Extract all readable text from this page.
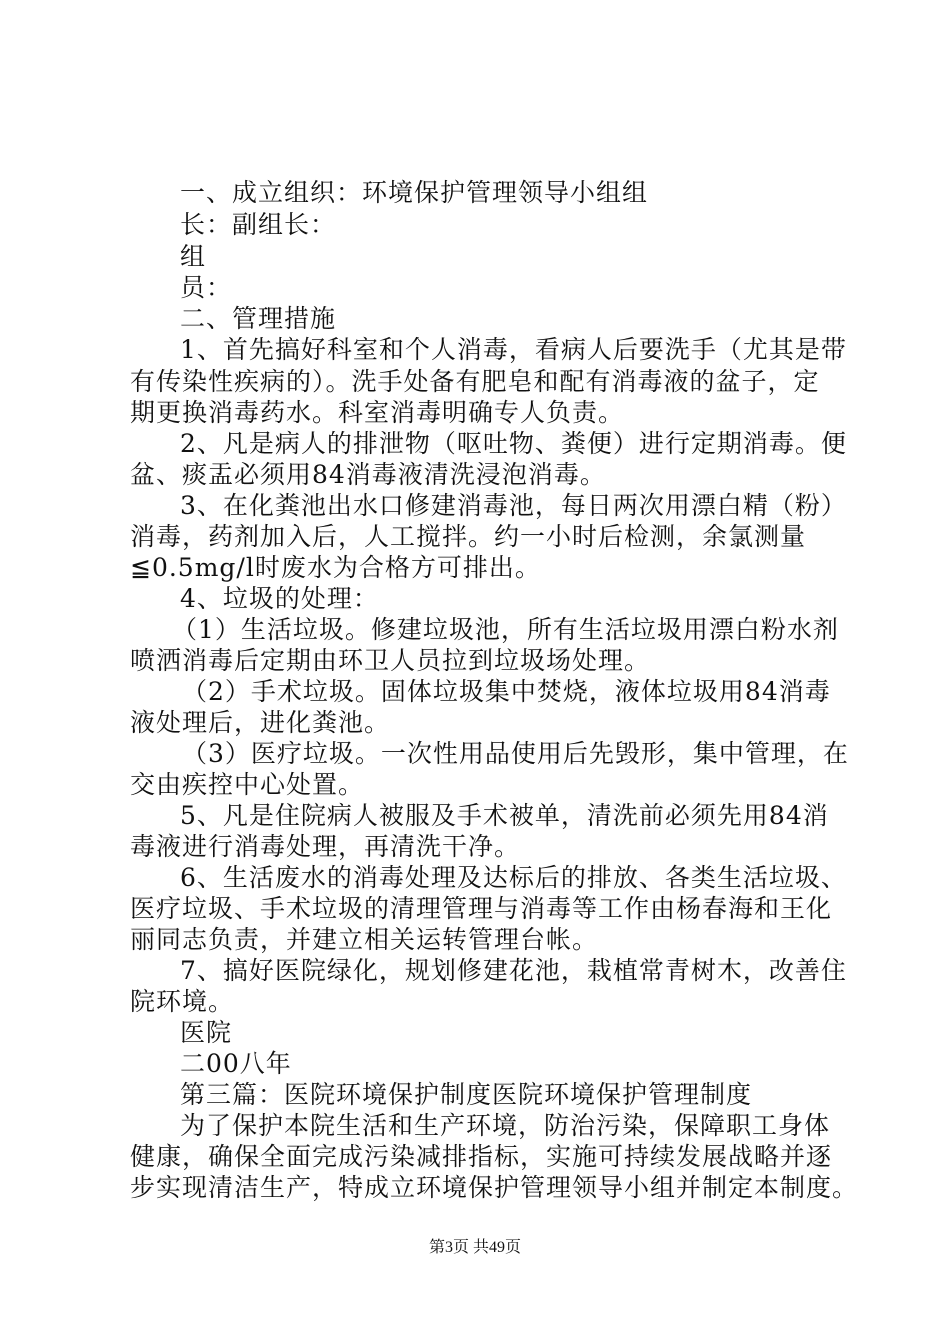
一、成立组织：环境保护管理领导小组组
长：副组长：
组
员：
二、管理措施
1、首先搞好科室和个人消毒，看病人后要洗手（尤其是带
有传染性疾病的）。洗手处备有肥皂和配有消毒液的盆子，定
期更换消毒药水。科室消毒明确专人负责。
2、凡是病人的排泄物（呕吐物、粪便）进行定期消毒。便
盆、痰盂必须用84消毒液清洗浸泡消毒。
3、在化粪池出水口修建消毒池，每日两次用漂白精（粉）
消毒，药剂加入后，人工搅拌。约一小时后检测，余氯测量
≦0.5mg/l时废水为合格方可排出。
4、垃圾的处理：
（1）生活垃圾。修建垃圾池，所有生活垃圾用漂白粉水剂
喷洒消毒后定期由环卫人员拉到垃圾场处理。
（2）手术垃圾。固体垃圾集中焚烧，液体垃圾用84消毒
液处理后，进化粪池。
（3）医疗垃圾。一次性用品使用后先毁形，集中管理，在
交由疾控中心处置。
5、凡是住院病人被服及手术被单，清洗前必须先用84消
毒液进行消毒处理，再清洗干净。
6、生活废水的消毒处理及达标后的排放、各类生活垃圾、
医疗垃圾、手术垃圾的清理管理与消毒等工作由杨春海和王化
丽同志负责，并建立相关运转管理台帐。
7、搞好医院绿化，规划修建花池，栽植常青树木，改善住
院环境。
医院
二00八年
第三篇：医院环境保护制度医院环境保护管理制度
为了保护本院生活和生产环境，防治污染，保障职工身体
健康，确保全面完成污染减排指标，实施可持续发展战略并逐
步实现清洁生产，特成立环境保护管理领导小组并制定本制度。
第3页 共49页
